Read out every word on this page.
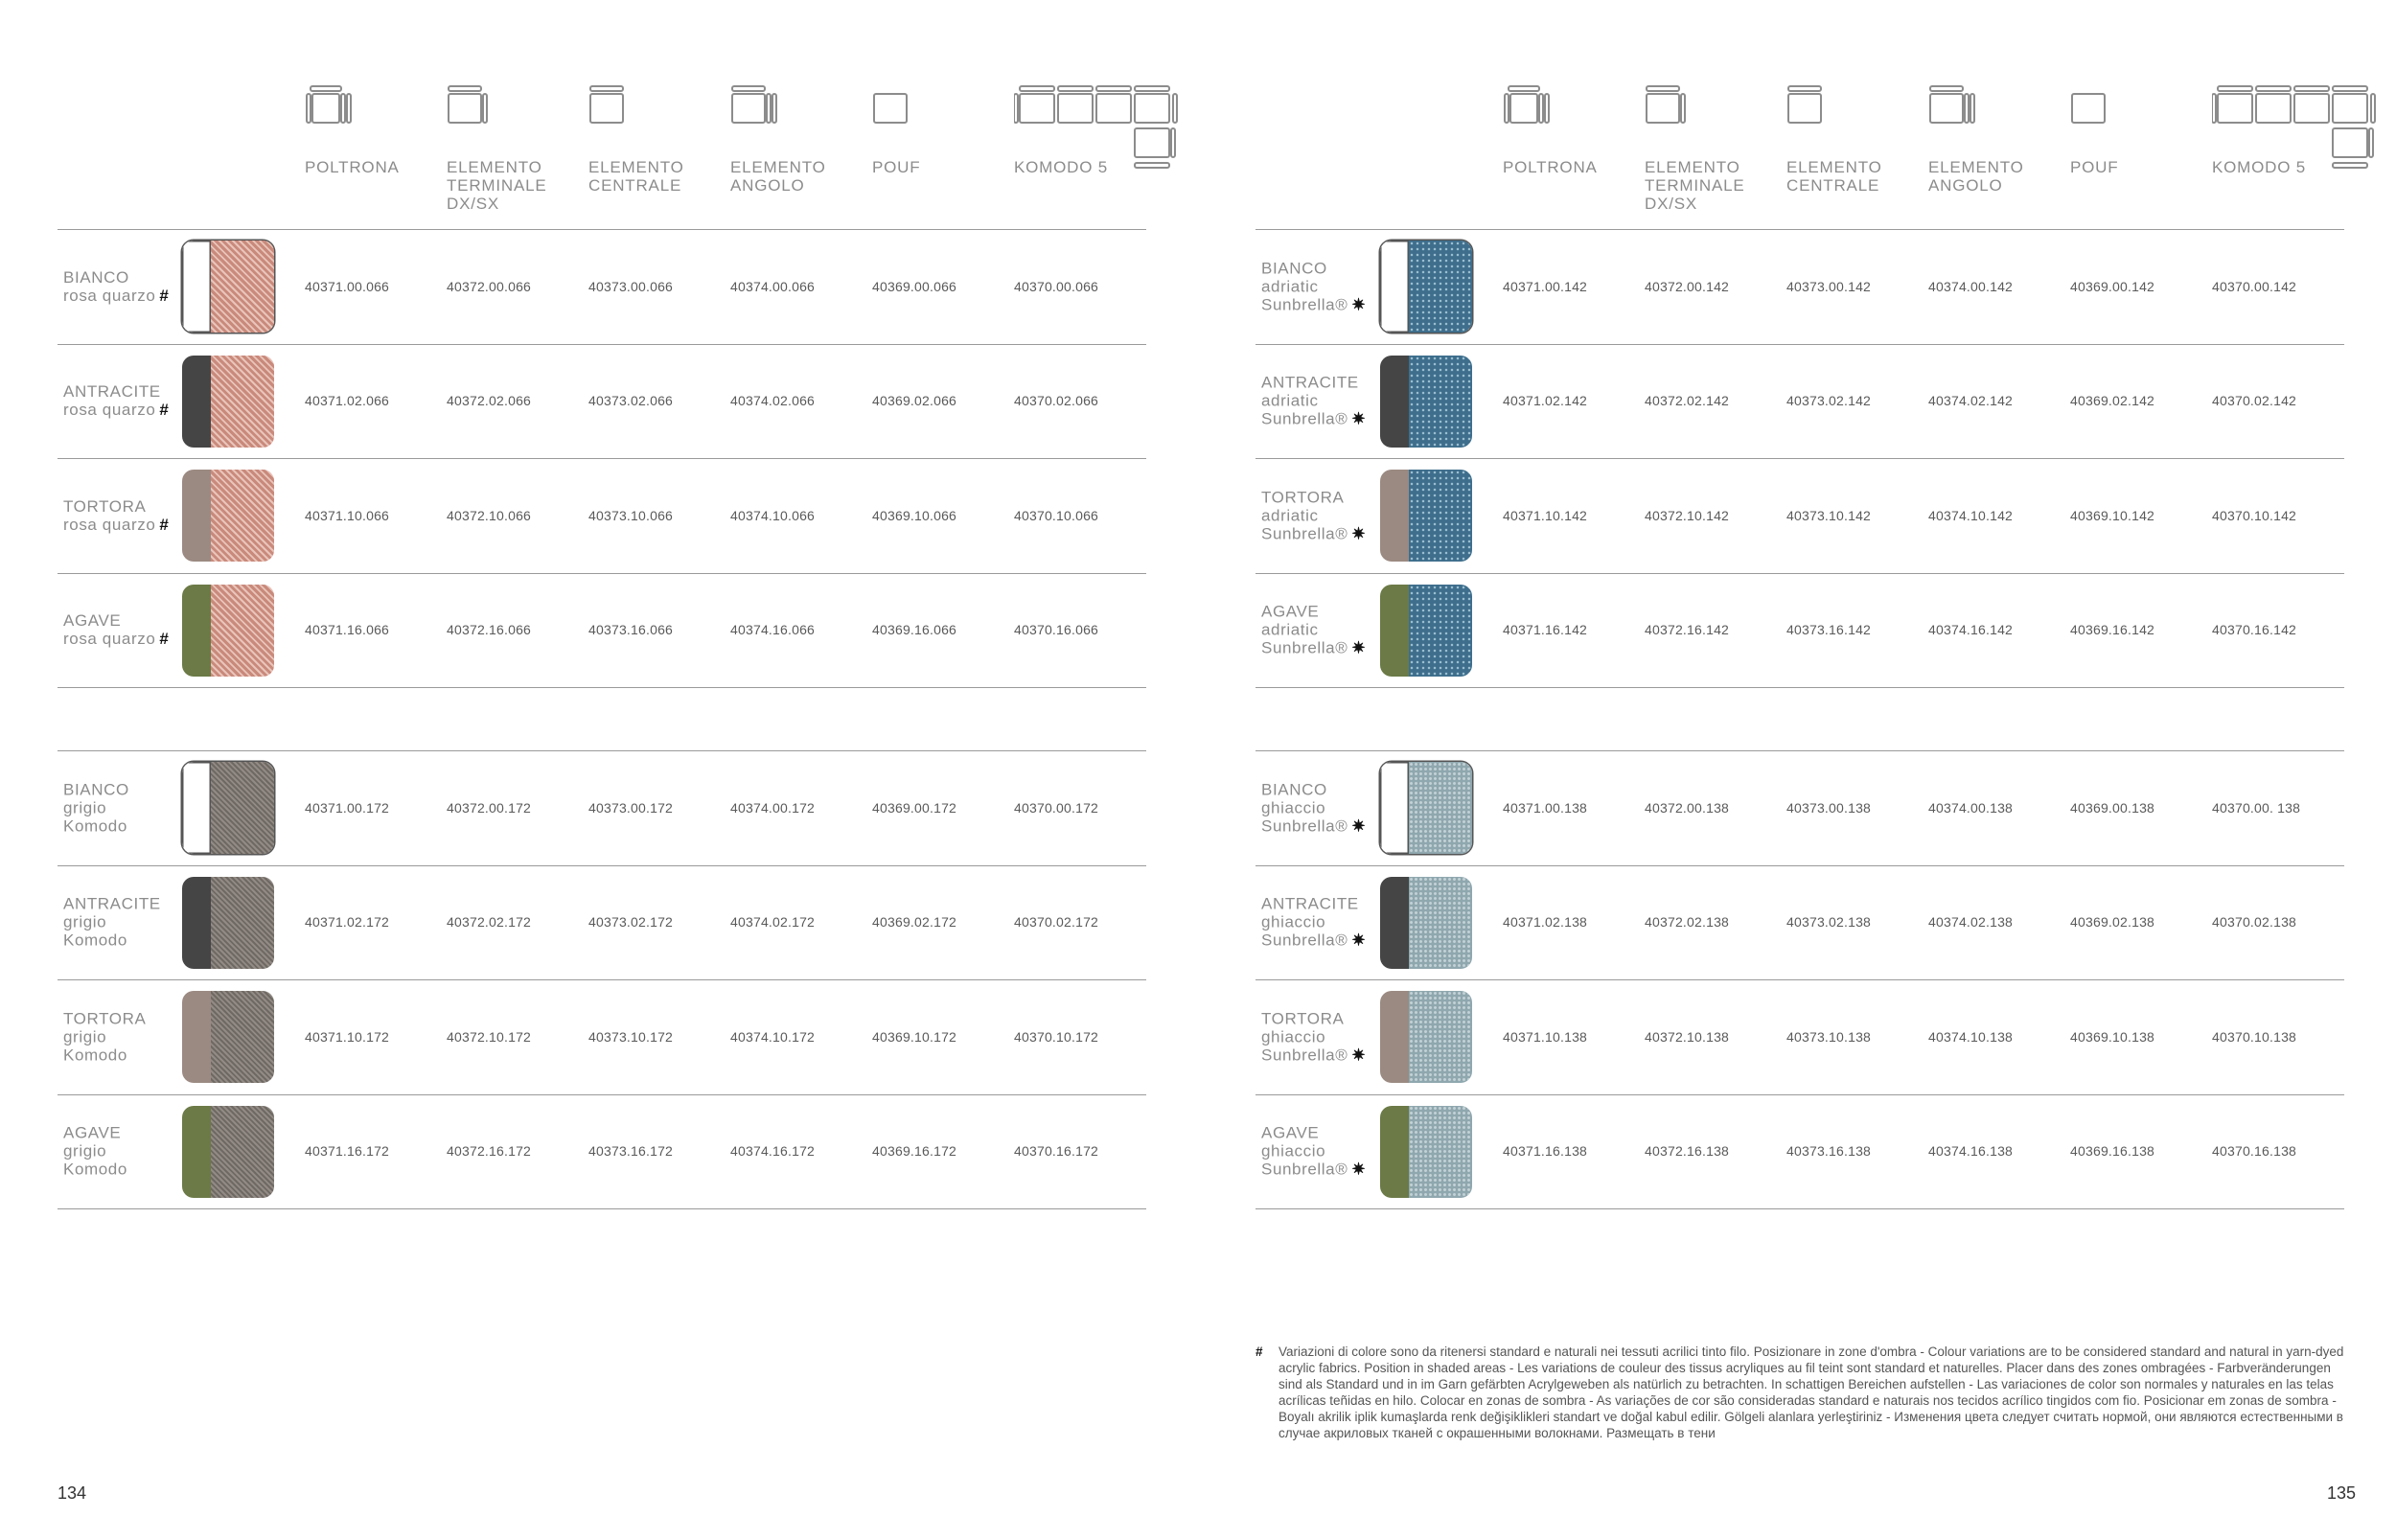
134
POLTRONA	ELEMENTO
TERMINALE
DX/SX
ELEMENTO
CENTRALE
ELEMENTO
ANGOLO
POUF	KOMODO 5
BIANCO
rosa quarzo #	40371.00.066	40372.00.066	40373.00.066	40374.00.066	40369.00.066	40370.00.066
ANTRACITE
rosa quarzo #	40371.02.066	40372.02.066	40373.02.066	40374.02.066	40369.02.066	40370.02.066
TORTORA
rosa quarzo #	40371.10.066	40372.10.066	40373.10.066	40374.10.066	40369.10.066	40370.10.066
AGAVE
rosa quarzo #	40371.16.066	40372.16.066	40373.16.066	40374.16.066	40369.16.066	40370.16.066
BIANCO
grigio
Komodo
40371.00.172	40372.00.172	40373.00.172	40374.00.172	40369.00.172	40370.00.172
ANTRACITE
grigio
Komodo
40371.02.172	40372.02.172	40373.02.172	40374.02.172	40369.02.172	40370.02.172
TORTORA
grigio
Komodo
40371.10.172	40372.10.172	40373.10.172	40374.10.172	40369.10.172	40370.10.172
AGAVE
grigio
Komodo
40371.16.172	40372.16.172	40373.16.172	40374.16.172	40369.16.172	40370.16.172
# Variazioni di colore sono da ritenersi standard e naturali nei tessuti acrilici tinto filo. Posizionare in zone d'ombra - Colour variations are to be considered standard and natural in yarn-dyed acrylic fabrics. Position in shaded areas - Les variations de couleur des tissus acryliques au fil teint sont standard et naturelles. Placer dans des zones ombragées - Farbveränderungen sind als Standard und in im Garn gefärbten Acrylgeweben als natürlich zu betrachten. In schattigen Bereichen aufstellen - Las variaciones de color son normales y naturales en las telas acrílicas teñidas en hilo. Colocar en zonas de sombra - As variações de cor são consideradas standard e naturais nos tecidos acrílico tingidos com fio. Posicionar em zonas de sombra - Boyalı akrilik iplik kumaşlarda renk değişiklikleri standart ve doğal kabul edilir. Gölgeli alanlara yerleştiriniz - Изменения цвета следует считать нормой, они являются естественными в случае акриловых тканей с окрашенными волокнами. Размещать в тени
135
POLTRONA	ELEMENTO
TERMINALE
DX/SX
ELEMENTO
CENTRALE
ELEMENTO
ANGOLO
POUF	KOMODO 5
BIANCO
adriatic
Sunbrella® ✷
40371.00.142	40372.00.142	40373.00.142	40374.00.142	40369.00.142	40370.00.142
ANTRACITE
adriatic
Sunbrella® ✷
40371.02.142	40372.02.142	40373.02.142	40374.02.142	40369.02.142	40370.02.142
TORTORA
adriatic
Sunbrella® ✷
40371.10.142	40372.10.142	40373.10.142	40374.10.142	40369.10.142	40370.10.142
AGAVE
adriatic
Sunbrella® ✷
40371.16.142	40372.16.142	40373.16.142	40374.16.142	40369.16.142	40370.16.142
BIANCO
ghiaccio
Sunbrella® ✷
40371.00.138	40372.00.138	40373.00.138	40374.00.138	40369.00.138	40370.00. 138
ANTRACITE
ghiaccio
Sunbrella® ✷
40371.02.138	40372.02.138	40373.02.138	40374.02.138	40369.02.138	40370.02.138
TORTORA
ghiaccio
Sunbrella® ✷
40371.10.138	40372.10.138	40373.10.138	40374.10.138	40369.10.138	40370.10.138
AGAVE
ghiaccio
Sunbrella® ✷
40371.16.138	40372.16.138	40373.16.138	40374.16.138	40369.16.138	40370.16.138
